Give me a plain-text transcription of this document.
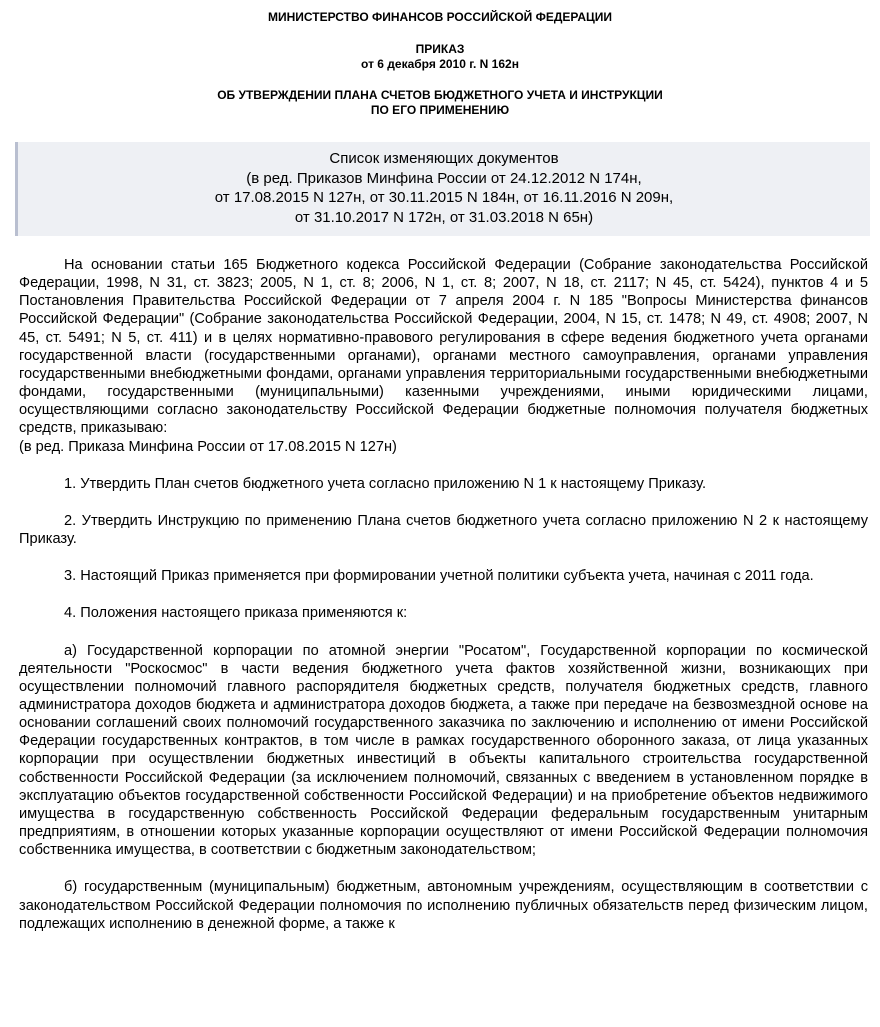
МИНИСТЕРСТВО ФИНАНСОВ РОССИЙСКОЙ ФЕДЕРАЦИИ
ПРИКАЗ
от 6 декабря 2010 г. N 162н
ОБ УТВЕРЖДЕНИИ ПЛАНА СЧЕТОВ БЮДЖЕТНОГО УЧЕТА И ИНСТРУКЦИИ
ПО ЕГО ПРИМЕНЕНИЮ
Список изменяющих документов
(в ред. Приказов Минфина России от 24.12.2012 N 174н,
от 17.08.2015 N 127н, от 30.11.2015 N 184н, от 16.11.2016 N 209н,
от 31.10.2017 N 172н, от 31.03.2018 N 65н)

На основании статьи 165 Бюджетного кодекса Российской Федерации (Собрание законодательства Российской Федерации, 1998, N 31, ст. 3823; 2005, N 1, ст. 8; 2006, N 1, ст. 8; 2007, N 18, ст. 2117; N 45, ст. 5424), пунктов 4 и 5 Постановления Правительства Российской Федерации от 7 апреля 2004 г. N 185 "Вопросы Министерства финансов Российской Федерации" (Собрание законодательства Российской Федерации, 2004, N 15, ст. 1478; N 49, ст. 4908; 2007, N 45, ст. 5491; N 5, ст. 411) и в целях нормативно-правового регулирования в сфере ведения бюджетного учета органами государственной власти (государственными органами), органами местного самоуправления, органами управления государственными внебюджетными фондами, органами управления территориальными государственными внебюджетными фондами, государственными (муниципальными) казенными учреждениями, иными юридическими лицами, осуществляющими согласно законодательству Российской Федерации бюджетные полномочия получателя бюджетных средств, приказываю:

(в ред. Приказа Минфина России от 17.08.2015 N 127н)

1. Утвердить План счетов бюджетного учета согласно приложению N 1 к настоящему Приказу.

2. Утвердить Инструкцию по применению Плана счетов бюджетного учета согласно приложению N 2 к настоящему Приказу.

3. Настоящий Приказ применяется при формировании учетной политики субъекта учета, начиная с 2011 года.

4. Положения настоящего приказа применяются к:

а) Государственной корпорации по атомной энергии "Росатом", Государственной корпорации по космической деятельности "Роскосмос" в части ведения бюджетного учета фактов хозяйственной жизни, возникающих при осуществлении полномочий главного распорядителя бюджетных средств, получателя бюджетных средств, главного администратора доходов бюджета и администратора доходов бюджета, а также при передаче на безвозмездной основе на основании соглашений своих полномочий государственного заказчика по заключению и исполнению от имени Российской Федерации государственных контрактов, в том числе в рамках государственного оборонного заказа, от лица указанных корпорации при осуществлении бюджетных инвестиций в объекты капитального строительства государственной собственности Российской Федерации (за исключением полномочий, связанных с введением в установленном порядке в эксплуатацию объектов государственной собственности Российской Федерации) и на приобретение объектов недвижимого имущества в государственную собственность Российской Федерации федеральным государственным унитарным предприятиям, в отношении которых указанные корпорации осуществляют от имени Российской Федерации полномочия собственника имущества, в соответствии с бюджетным законодательством;

б) государственным (муниципальным) бюджетным, автономным учреждениям, осуществляющим в соответствии с законодательством Российской Федерации полномочия по исполнению публичных обязательств перед физическим лицом, подлежащих исполнению в денежной форме, а также к
